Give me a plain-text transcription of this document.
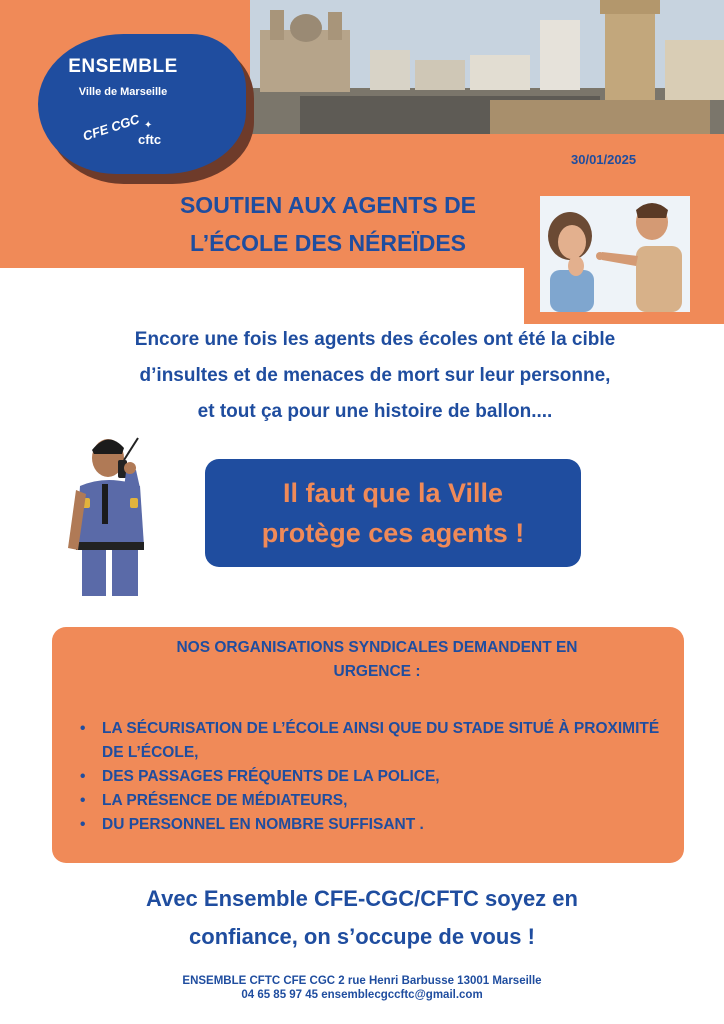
ENSEMBLE
Ville de Marseille
CFE CGC ✦
cftc
30/01/2025
SOUTIEN AUX AGENTS DE
L’ÉCOLE DES NÉREÏDES
Encore une fois les agents des écoles ont été la cible
d’insultes et de menaces de mort sur leur personne,
et tout ça pour une histoire de ballon....
Il faut que la Ville
protège ces agents !
NOS ORGANISATIONS SYNDICALES DEMANDENT EN
URGENCE :
• LA SÉCURISATION DE L’ÉCOLE AINSI QUE DU STADE SITUÉ À PROXIMITÉ DE L’ÉCOLE,
• DES PASSAGES FRÉQUENTS DE LA POLICE,
• LA PRÉSENCE DE MÉDIATEURS,
• DU PERSONNEL EN NOMBRE SUFFISANT .
Avec Ensemble CFE-CGC/CFTC soyez en
confiance, on s’occupe de vous !
ENSEMBLE CFTC CFE CGC 2 rue Henri Barbusse 13001 Marseille
04 65 85 97 45 ensemblecgccftc@gmail.com
